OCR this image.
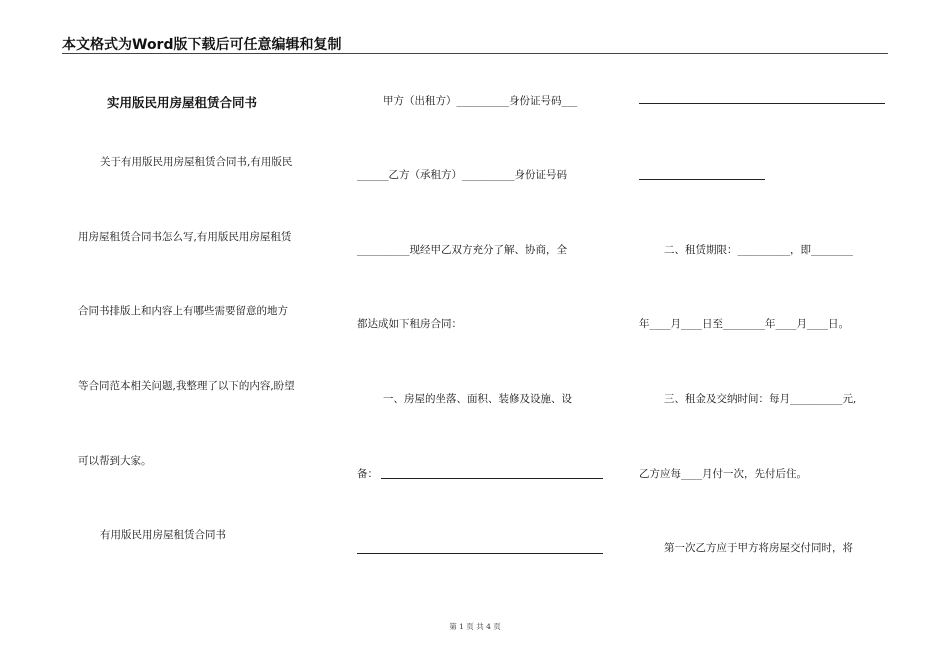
本文格式为Word版下载后可任意编辑和复制
实用版民用房屋租赁合同书
关于有用版民用房屋租赁合同书,有用版民
用房屋租赁合同书怎么写,有用版民用房屋租赁
合同书排版上和内容上有哪些需要留意的地方
等合同范本相关问题,我整理了以下的内容,盼望
可以帮到大家。
有用版民用房屋租赁合同书
甲方（出租方）__________身份证号码___
______乙方（承租方）__________身份证号码
__________现经甲乙双方充分了解、协商，全
都达成如下租房合同：
一、房屋的坐落、面积、装修及设施、设
备：
二、租赁期限：__________，即________
年____月____日至________年____月____日。
三、租金及交纳时间：每月__________元,
乙方应每____月付一次，先付后住。
第一次乙方应于甲方将房屋交付同时，将
第 1 页 共 4 页
